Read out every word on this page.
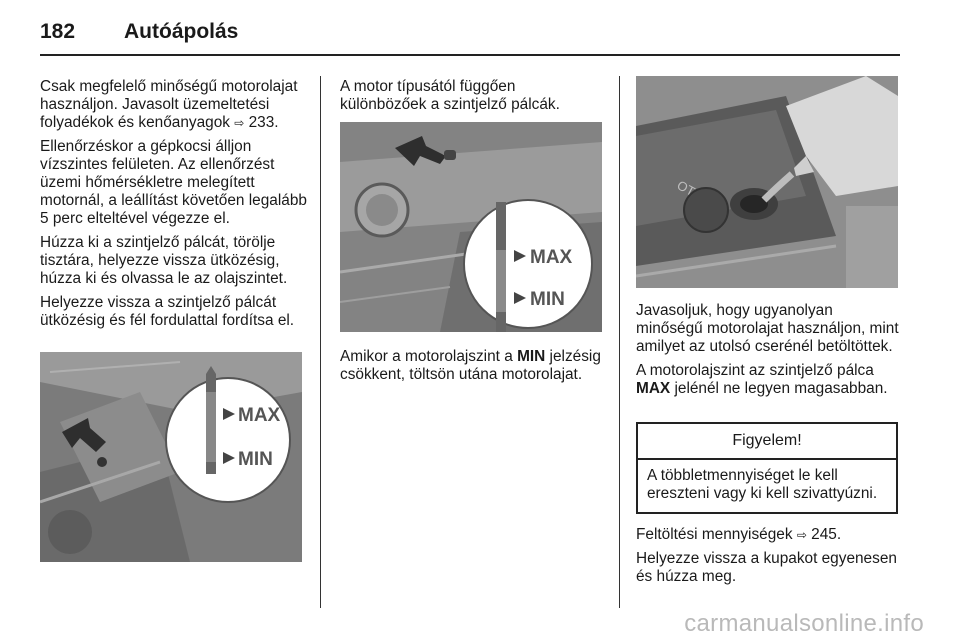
182 Autóápolás

Csak megfelelő minőségű motorolajat használjon. Javasolt üzemeltetési folyadékok és kenőanyagok ⇨ 233.

Ellenőrzéskor a gépkocsi álljon vízszintes felületen. Az ellenőrzést üzemi hőmérsékletre melegített motornál, a leállítást követően legalább 5 perc elteltével végezze el.

Húzza ki a szintjelző pálcát, törölje tisztára, helyezze vissza ütközésig, húzza ki és olvassa le az olajszintet.

Helyezze vissza a szintjelző pálcát ütközésig és fél fordulattal fordítsa el.

MAX
MIN

A motor típusától függően különbözőek a szintjelző pálcák.

MAX
MIN

Amikor a motorolajszint a MIN jelzésig csökkent, töltsön utána motorolajat.

Javasoljuk, hogy ugyanolyan minőségű motorolajat használjon, mint amilyet az utolsó cserénél betöltöttek.

A motorolajszint az szintjelző pálca MAX jelénél ne legyen magasabban.

Figyelem!
A többletmennyiséget le kell ereszteni vagy ki kell szivattyúzni.

Feltöltési mennyiségek ⇨ 245.

Helyezze vissza a kupakot egyenesen és húzza meg.

carmanualsonline.info
